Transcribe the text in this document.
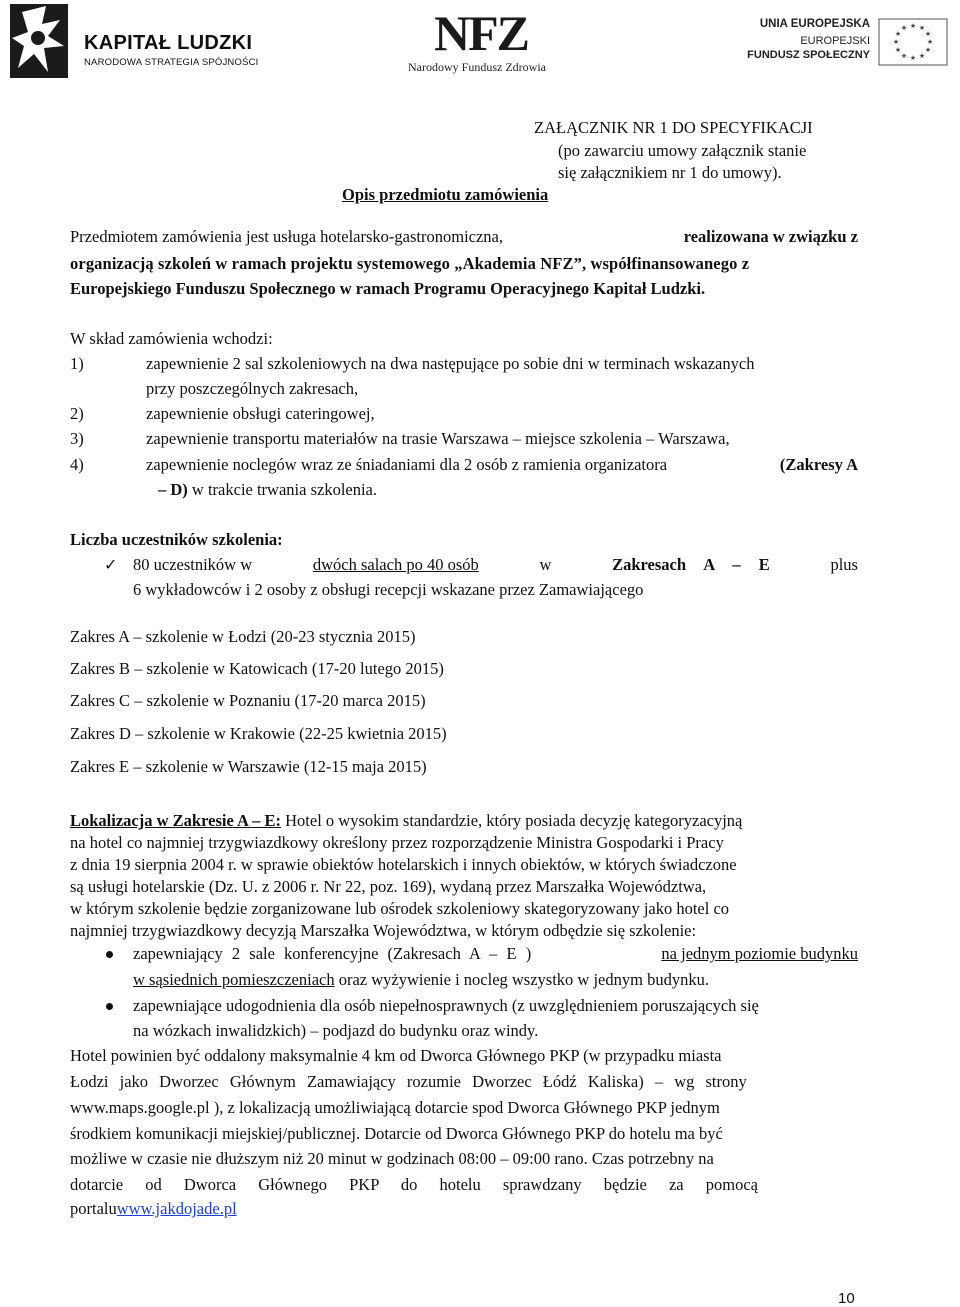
KAPITAŁ LUDZKI
NARODOWA STRATEGIA SPÓJNOŚCI
NFZ
Narodowy Fundusz Zdrowia
UNIA EUROPEJSKA
EUROPEJSKI
FUNDUSZ SPOŁECZNY
★ ★
★
★
★
★
★
★
★
★
★
★
ZAŁĄCZNIK NR 1 DO SPECYFIKACJI
(po zawarciu umowy załącznik stanie
się załącznikiem nr 1 do umowy).
Opis przedmiotu zamówienia
Przedmiotem zamówienia jest usługa hotelarsko-gastronomiczna,	realizowana w związku z
organizacją szkoleń w ramach projektu systemowego „Akademia NFZ”, współfinansowanego z
Europejskiego Funduszu Społecznego w ramach Programu Operacyjnego Kapitał Ludzki.
W skład zamówienia wchodzi:
1)	zapewnienie 2 sal szkoleniowych na dwa następujące po sobie dni w terminach wskazanych
przy poszczególnych zakresach,
2)	zapewnienie obsługi cateringowej,
3)	zapewnienie transportu materiałów na trasie Warszawa – miejsce szkolenia – Warszawa,
4)	zapewnienie noclegów wraz ze śniadaniami dla 2 osób z ramienia organizatora	(Zakresy A
– D) w trakcie trwania szkolenia.
Liczba uczestników szkolenia:
✓ 80 uczestników w	dwóch salach po 40 osób	w	Zakresach A – E	plus
6 wykładowców i 2 osoby z obsługi recepcji wskazane przez Zamawiającego
Zakres A – szkolenie w Łodzi (20-23 stycznia 2015)
Zakres B – szkolenie w Katowicach (17-20 lutego 2015)
Zakres C – szkolenie w Poznaniu (17-20 marca 2015)
Zakres D – szkolenie w Krakowie (22-25 kwietnia 2015)
Zakres E – szkolenie w Warszawie (12-15 maja 2015)
Lokalizacja w Zakresie A – E: Hotel o wysokim standardzie, który posiada decyzję kategoryzacyjną
na hotel co najmniej trzygwiazdkowy określony przez rozporządzenie Ministra Gospodarki i Pracy
z dnia 19 sierpnia 2004 r. w sprawie obiektów hotelarskich i innych obiektów, w których świadczone
są usługi hotelarskie (Dz. U. z 2006 r. Nr 22, poz. 169), wydaną przez Marszałka Województwa,
w którym szkolenie będzie zorganizowane lub ośrodek szkoleniowy skategoryzowany jako hotel co
najmniej trzygwiazdkowy decyzją Marszałka Województwa, w którym odbędzie się szkolenie:
zapewniający 2 sale konferencyjne (Zakresach A – E )	na jednym poziomie budynku
w sąsiednich pomieszczeniach oraz wyżywienie i nocleg wszystko w jednym budynku.
zapewniające udogodnienia dla osób niepełnosprawnych (z uwzględnieniem poruszających się
na wózkach inwalidzkich) – podjazd do budynku oraz windy.
Hotel powinien być oddalony maksymalnie 4 km od Dworca Głównego PKP (w przypadku miasta
Łodzi jako Dworzec Głównym Zamawiający rozumie Dworzec Łódź Kaliska) – wg strony
www.maps.google.pl ), z lokalizacją umożliwiającą dotarcie spod Dworca Głównego PKP jednym
środkiem komunikacji miejskiej/publicznej. Dotarcie od Dworca Głównego PKP do hotelu ma być
możliwe w czasie nie dłuższym niż 20 minut w godzinach 08:00 – 09:00 rano. Czas potrzebny na
dotarcie od Dworca Głównego PKP do hotelu sprawdzany będzie za pomocą
portaluwww.jakdojade.pl
10
